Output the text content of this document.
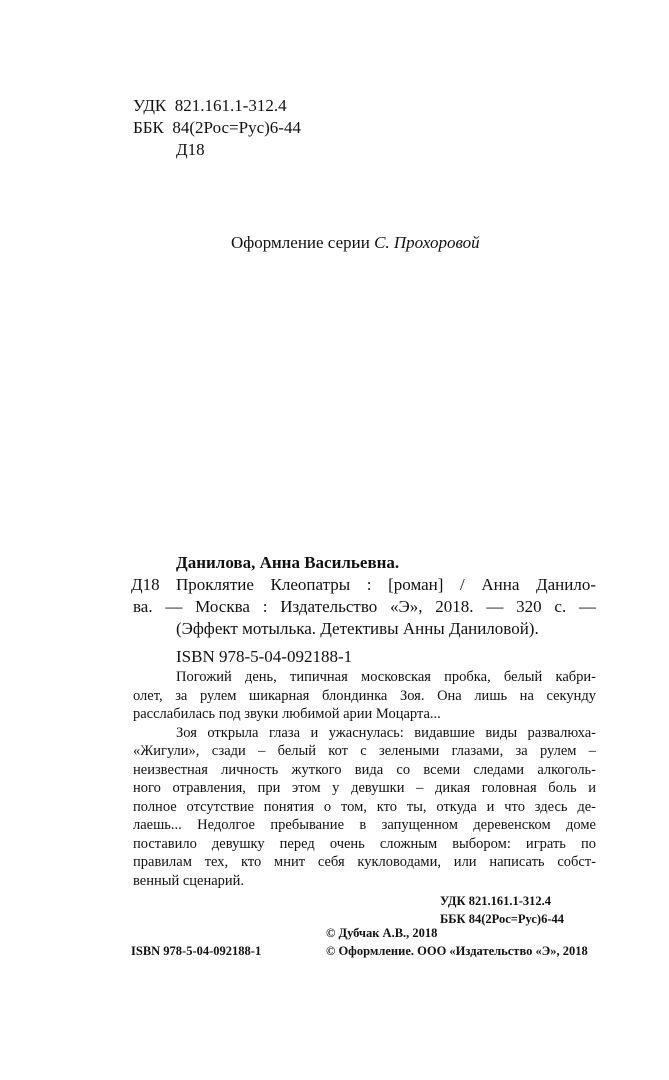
УДК 821.161.1-312.4
ББК 84(2Рос=Рус)6-44
Д18
Оформление серии С. Прохоровой
Данилова, Анна Васильевна.
Д18 Проклятие Клеопатры : [роман] / Анна Данило-
ва. — Москва : Издательство «Э», 2018. — 320 с. —
(Эффект мотылька. Детективы Анны Даниловой).
ISBN 978-5-04-092188-1
Погожий день, типичная московская пробка, белый кабри-
олет, за рулем шикарная блондинка Зоя. Она лишь на секунду
расслабилась под звуки любимой арии Моцарта...
Зоя открыла глаза и ужаснулась: видавшие виды развалюха-
«Жигули», сзади – белый кот с зелеными глазами, за рулем –
неизвестная личность жуткого вида со всеми следами алкоголь-
ного отравления, при этом у девушки – дикая головная боль и
полное отсутствие понятия о том, кто ты, откуда и что здесь де-
лаешь... Недолгое пребывание в запущенном деревенском доме
поставило девушку перед очень сложным выбором: играть по
правилам тех, кто мнит себя кукловодами, или написать собст-
венный сценарий.
УДК 821.161.1-312.4
ББК 84(2Рос=Рус)6-44
© Дубчак А.В., 2018
ISBN 978-5-04-092188-1	© Оформление. ООО «Издательство «Э», 2018
